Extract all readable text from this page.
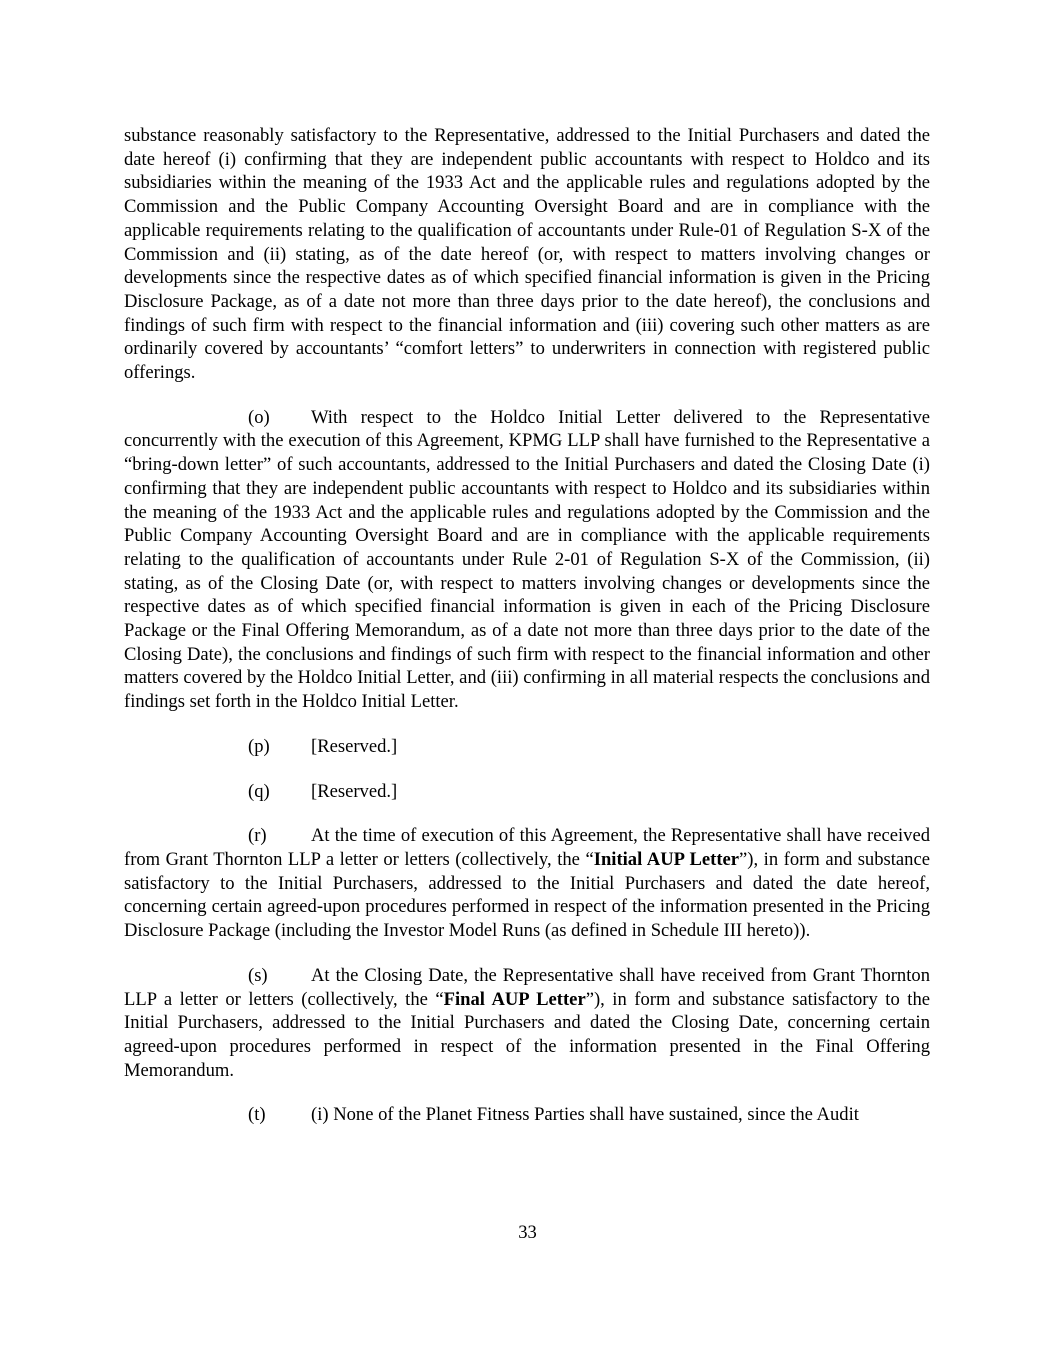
substance reasonably satisfactory to the Representative, addressed to the Initial Purchasers and dated the date hereof (i) confirming that they are independent public accountants with respect to Holdco and its subsidiaries within the meaning of the 1933 Act and the applicable rules and regulations adopted by the Commission and the Public Company Accounting Oversight Board and are in compliance with the applicable requirements relating to the qualification of accountants under Rule-01 of Regulation S-X of the Commission and (ii) stating, as of the date hereof (or, with respect to matters involving changes or developments since the respective dates as of which specified financial information is given in the Pricing Disclosure Package, as of a date not more than three days prior to the date hereof), the conclusions and findings of such firm with respect to the financial information and (iii) covering such other matters as are ordinarily covered by accountants’ “comfort letters” to underwriters in connection with registered public offerings.

(o) With respect to the Holdco Initial Letter delivered to the Representative concurrently with the execution of this Agreement, KPMG LLP shall have furnished to the Representative a “bring-down letter” of such accountants, addressed to the Initial Purchasers and dated the Closing Date (i) confirming that they are independent public accountants with respect to Holdco and its subsidiaries within the meaning of the 1933 Act and the applicable rules and regulations adopted by the Commission and the Public Company Accounting Oversight Board and are in compliance with the applicable requirements relating to the qualification of accountants under Rule 2-01 of Regulation S-X of the Commission, (ii) stating, as of the Closing Date (or, with respect to matters involving changes or developments since the respective dates as of which specified financial information is given in each of the Pricing Disclosure Package or the Final Offering Memorandum, as of a date not more than three days prior to the date of the Closing Date), the conclusions and findings of such firm with respect to the financial information and other matters covered by the Holdco Initial Letter, and (iii) confirming in all material respects the conclusions and findings set forth in the Holdco Initial Letter.

(p) [Reserved.]

(q) [Reserved.]

(r) At the time of execution of this Agreement, the Representative shall have received from Grant Thornton LLP a letter or letters (collectively, the “Initial AUP Letter”), in form and substance satisfactory to the Initial Purchasers, addressed to the Initial Purchasers and dated the date hereof, concerning certain agreed-upon procedures performed in respect of the information presented in the Pricing Disclosure Package (including the Investor Model Runs (as defined in Schedule III hereto)).

(s) At the Closing Date, the Representative shall have received from Grant Thornton LLP a letter or letters (collectively, the “Final AUP Letter”), in form and substance satisfactory to the Initial Purchasers, addressed to the Initial Purchasers and dated the Closing Date, concerning certain agreed-upon procedures performed in respect of the information presented in the Final Offering Memorandum.

(t) (i) None of the Planet Fitness Parties shall have sustained, since the Audit

33
